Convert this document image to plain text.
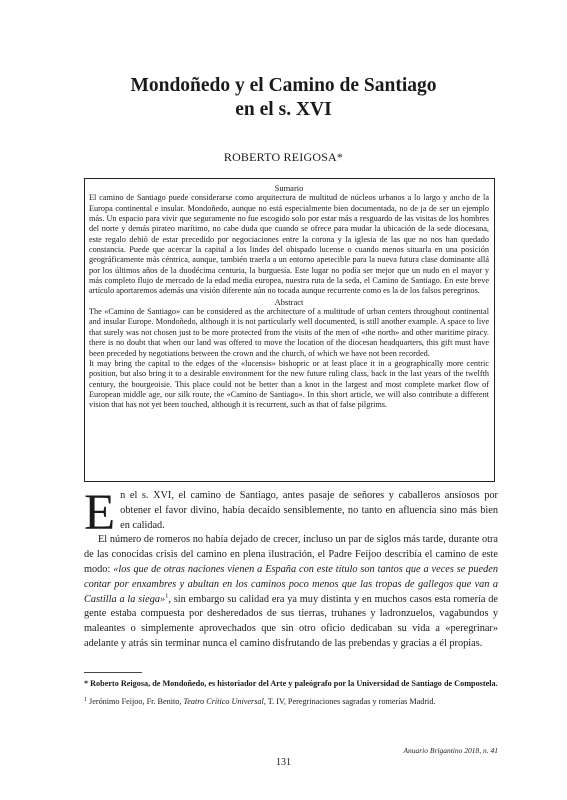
Mondoñedo y el Camino de Santiago
en el s. XVI
ROBERTO REIGOSA*
Sumario
El camino de Santiago puede considerarse como arquitectura de multitud de núcleos urbanos a lo largo y ancho de la Europa continental e insular. Mondoñedo, aunque no está especialmente bien documentada, no de ja de ser un ejemplo más. Un espacio para vivir que seguramente no fue escogido solo por estar más a resguardo de las visitas de los hombres del norte y demás pirateo marítimo, no cabe duda que cuando se ofrece para mudar la ubicación de la sede diocesana, este regalo debió de estar precedido por negociaciones entre la corona y la iglesia de las que no nos han quedado constancia. Puede que acercar la capital a los lindes del obispado lucense o cuando menos situarla en una posición geográficamente más céntrica, aunque, también traerla a un entorno apetecible para la nueva futura clase dominante allá por los últimos años de la duodécima centuria, la burguesía. Este lugar no podía ser mejor que un nudo en el mayor y más completo flujo de mercado de la edad media europea, nuestra ruta de la seda, el Camino de Santiago. En este breve artículo aportaremos además una visión diferente aún no tocada aunque recurrente como es la de los falsos peregrinos.
Abstract
The «Camino de Santiago» can be considered as the architecture of a multitude of urban centers throughout continental and insular Europe. Mondoñedo, although it is not particularly well documented, is still another example. A space to live that surely was not chosen just to be more protected from the visits of the men of «the north» and other maritime piracy. there is no doubt that when our land was offered to move the location of the diocesan headquarters, this gift must have been preceded by negotiations between the crown and the church, of which we have not been recorded.
It may bring the capital to the edges of the «lucensis» bishopric or at least place it in a geographically more centric position, but also bring it to a desirable environment for the new future ruling class, back in the last years of the twelfth century, the bourgeoisie. This place could not be better than a knot in the largest and most complete market flow of European middle age, our silk route, the «Camino de Santiago». In this short article, we will also contribute a different vision that has not yet been touched, although it is recurrent, such as that of false pilgrims.

En el s. XVI, el camino de Santiago, antes pasaje de señores y caballeros ansiosos por obtener el favor divino, había decaído sensiblemente, no tanto en afluencia sino más bien en calidad.

El número de romeros no había dejado de crecer, incluso un par de siglos más tarde, durante otra de las conocidas crisis del camino en plena ilustración, el Padre Feijoo describía el camino de este modo: «los que de otras naciones vienen a España con este título son tantos que a veces se pueden contar por enxambres y abultan en los caminos poco menos que las tropas de gallegos que van a Castilla a la siega»$^1$, sin embargo su calidad era ya muy distinta y en muchos casos esta romería de gente estaba compuesta por desheredados de sus tierras, truhanes y ladronzuelos, vagabundos y maleantes o simplemente aprovechados que sin otro oficio dedicaban su vida a «peregrinar» adelante y atrás sin terminar nunca el camino disfrutando de las prebendas y gracias a él propias.

* Roberto Reigosa, de Mondoñedo, es historiador del Arte y paleógrafo por la Universidad de Santiago de Compostela.

$^1$ Jerónimo Feijoo, Fr. Benito, Teatro Crítico Universal, T. IV, Peregrinaciones sagradas y romerías Madrid.

Anuario Brigantino 2018, n. 41
131
